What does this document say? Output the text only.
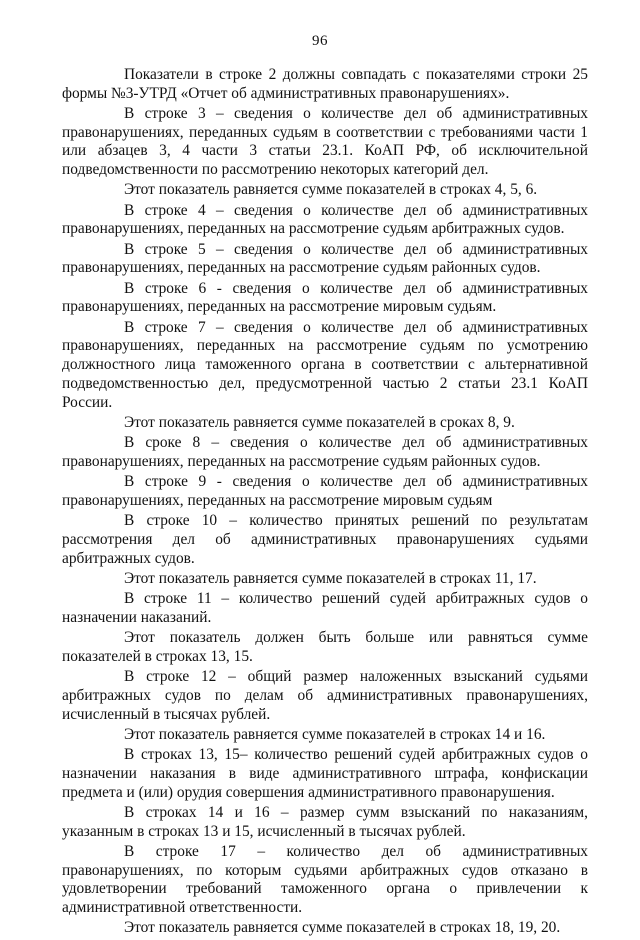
96

Показатели в строке 2 должны совпадать с показателями строки 25 формы №3-УТРД «Отчет об административных правонарушениях».

В строке 3 – сведения о количестве дел об административных правонарушениях, переданных судьям в соответствии с требованиями части 1 или абзацев 3, 4 части 3 статьи 23.1. КоАП РФ, об исключительной подведомственности по рассмотрению некоторых категорий дел.

Этот показатель равняется сумме показателей в строках 4, 5, 6.

В строке 4 – сведения о количестве дел об административных правонарушениях, переданных на рассмотрение судьям арбитражных судов.

В строке 5 – сведения о количестве дел об административных правонарушениях, переданных на рассмотрение судьям районных судов.

В строке 6 - сведения о количестве дел об административных правонарушениях, переданных на рассмотрение мировым судьям.

В строке 7 – сведения о количестве дел об административных правонарушениях, переданных на рассмотрение судьям по усмотрению должностного лица таможенного органа в соответствии с альтернативной подведомственностью дел, предусмотренной частью 2 статьи 23.1 КоАП России.

Этот показатель равняется сумме показателей в сроках 8, 9.

В сроке 8 – сведения о количестве дел об административных правонарушениях, переданных на рассмотрение судьям районных судов.

В строке 9 - сведения о количестве дел об административных правонарушениях, переданных на рассмотрение мировым судьям

В строке 10 – количество принятых решений по результатам рассмотрения дел об административных правонарушениях судьями арбитражных судов.

Этот показатель равняется сумме показателей в строках 11, 17.

В строке 11 – количество решений судей арбитражных судов о назначении наказаний.

Этот показатель должен быть больше или равняться сумме показателей в строках 13, 15.

В строке 12 – общий размер наложенных взысканий судьями арбитражных судов по делам об административных правонарушениях, исчисленный в тысячах рублей.

Этот показатель равняется сумме показателей в строках 14 и 16.

В строках 13, 15– количество решений судей арбитражных судов о назначении наказания в виде административного штрафа, конфискации предмета и (или) орудия совершения административного правонарушения.

В строках 14 и 16 – размер сумм взысканий по наказаниям, указанным в строках 13 и 15, исчисленный в тысячах рублей.

В строке 17 – количество дел об административных правонарушениях, по которым судьями арбитражных судов отказано в удовлетворении требований таможенного органа о привлечении к административной ответственности.

Этот показатель равняется сумме показателей в строках 18, 19, 20.
